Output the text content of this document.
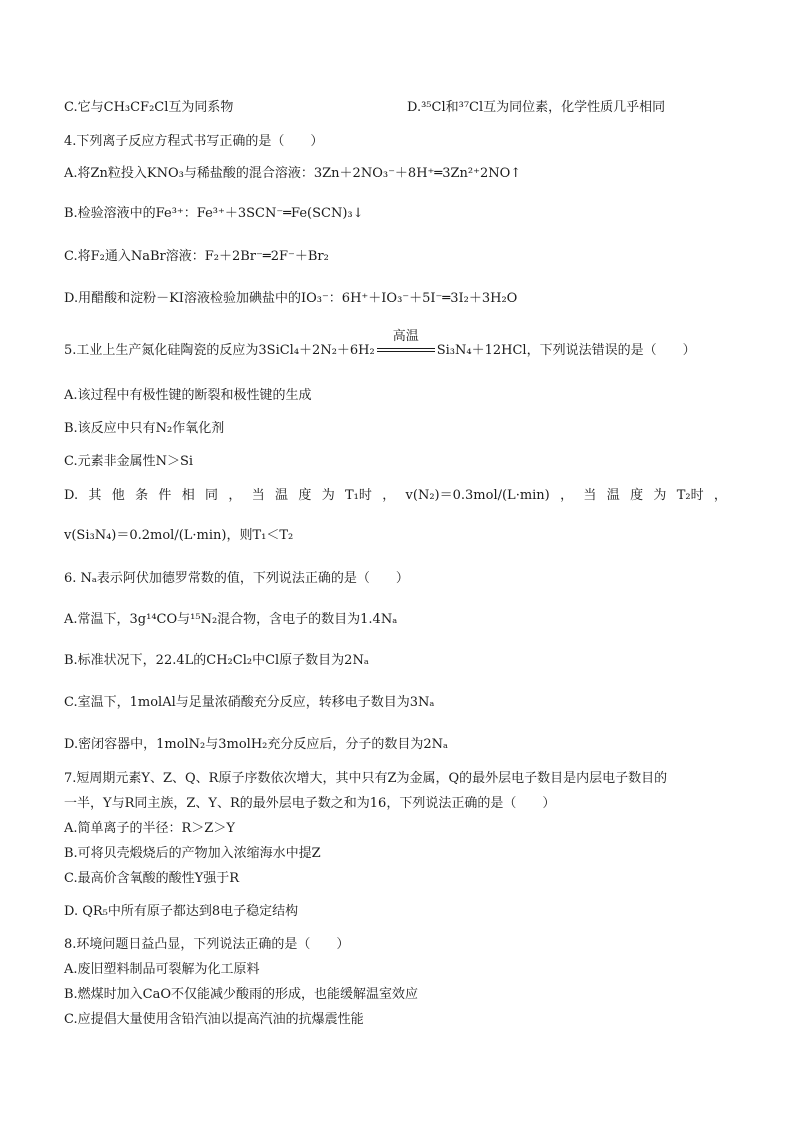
C.它与CH₃CF₂Cl互为同系物	D.³⁵Cl和³⁷Cl互为同位素，化学性质几乎相同
4.下列离子反应方程式书写正确的是（　　）
A.将Zn粒投入KNO₃与稀盐酸的混合溶液：3Zn＋2NO₃⁻＋8H⁺═3Zn²⁺2NO↑
B.检验溶液中的Fe³⁺：Fe³⁺＋3SCN⁻═Fe(SCN)₃↓
C.将F₂通入NaBr溶液：F₂＋2Br⁻═2F⁻＋Br₂
D.用醋酸和淀粉－KI溶液检验加碘盐中的IO₃⁻：6H⁺＋IO₃⁻＋5I⁻═3I₂＋3H₂O
5.工业上生产氮化硅陶瓷的反应为3SiCl₄＋2N₂＋6H₂
高温
Si₃N₄＋12HCl，下列说法错误的是（　　）
A.该过程中有极性键的断裂和极性键的生成
B.该反应中只有N₂作氧化剂
C.元素非金属性N＞Si
D. 其 他 条 件 相 同 ， 当 温 度 为 T₁时 ， v(N₂)＝0.3mol/(L·min) ， 当 温 度 为 T₂时 ，
v(Si₃N₄)＝0.2mol/(L·min)，则T₁＜T₂
6. Nₐ表示阿伏加德罗常数的值，下列说法正确的是（　　）
A.常温下，3g¹⁴CO与¹⁵N₂混合物，含电子的数目为1.4Nₐ
B.标准状况下，22.4L的CH₂Cl₂中Cl原子数目为2Nₐ
C.室温下，1molAl与足量浓硝酸充分反应，转移电子数目为3Nₐ
D.密闭容器中，1molN₂与3molH₂充分反应后，分子的数目为2Nₐ
7.短周期元素Y、Z、Q、R原子序数依次增大，其中只有Z为金属，Q的最外层电子数目是内层电子数目的
一半，Y与R同主族，Z、Y、R的最外层电子数之和为16，下列说法正确的是（　　）
A.简单离子的半径：R＞Z＞Y
B.可将贝壳煅烧后的产物加入浓缩海水中提Z
C.最高价含氧酸的酸性Y强于R
D. QR₅中所有原子都达到8电子稳定结构
8.环境问题日益凸显，下列说法正确的是（　　）
A.废旧塑料制品可裂解为化工原料
B.燃煤时加入CaO不仅能减少酸雨的形成，也能缓解温室效应
C.应提倡大量使用含铅汽油以提高汽油的抗爆震性能
